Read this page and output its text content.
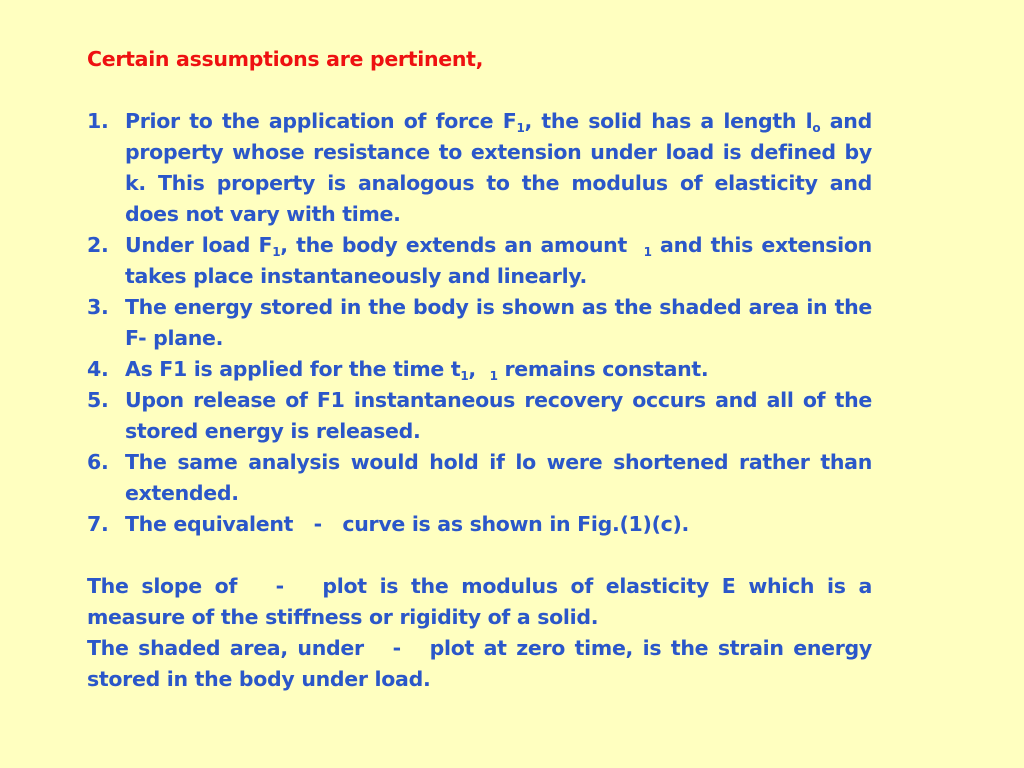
Certain assumptions are pertinent,

1. Prior to the application of force $F_1$, the solid has a length $l_o$ and property whose resistance to extension under load is defined by k. This property is analogous to the modulus of elasticity and does not vary with time.
2. Under load $F_1$, the body extends an amount  $_1$ and this extension takes place instantaneously and linearly.
3. The energy stored in the body is shown as the shaded area in the F- plane.
4. As F1 is applied for the time $t_1$,  $_1$ remains constant.
5. Upon release of F1 instantaneous recovery occurs and all of the stored energy is released.
6. The same analysis would hold if lo were shortened rather than extended.
7. The equivalent   -   curve is as shown in Fig.(1)(c).

The slope of   -   plot is the modulus of elasticity E which is a measure of the stiffness or rigidity of a solid.

The shaded area, under   -   plot at zero time, is the strain energy stored in the body under load.
